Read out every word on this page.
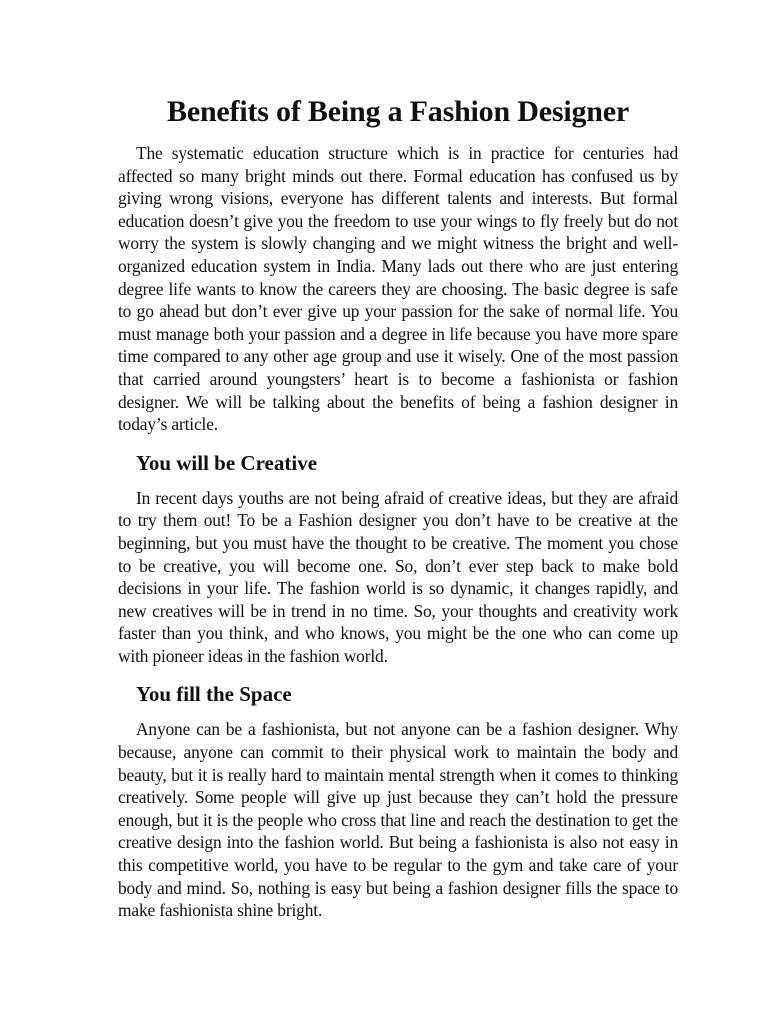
Benefits of Being a Fashion Designer

The systematic education structure which is in practice for centuries had affected so many bright minds out there. Formal education has confused us by giving wrong visions, everyone has different talents and interests. But formal education doesn’t give you the freedom to use your wings to fly freely but do not worry the system is slowly changing and we might witness the bright and well-organized education system in India. Many lads out there who are just entering degree life wants to know the careers they are choosing. The basic degree is safe to go ahead but don’t ever give up your passion for the sake of normal life. You must manage both your passion and a degree in life because you have more spare time compared to any other age group and use it wisely. One of the most passion that carried around youngsters’ heart is to become a fashionista or fashion designer. We will be talking about the benefits of being a fashion designer in today’s article.

You will be Creative

In recent days youths are not being afraid of creative ideas, but they are afraid to try them out! To be a Fashion designer you don’t have to be creative at the beginning, but you must have the thought to be creative. The moment you chose to be creative, you will become one. So, don’t ever step back to make bold decisions in your life. The fashion world is so dynamic, it changes rapidly, and new creatives will be in trend in no time. So, your thoughts and creativity work faster than you think, and who knows, you might be the one who can come up with pioneer ideas in the fashion world.

You fill the Space

Anyone can be a fashionista, but not anyone can be a fashion designer. Why because, anyone can commit to their physical work to maintain the body and beauty, but it is really hard to maintain mental strength when it comes to thinking creatively. Some people will give up just because they can’t hold the pressure enough, but it is the people who cross that line and reach the destination to get the creative design into the fashion world. But being a fashionista is also not easy in this competitive world, you have to be regular to the gym and take care of your body and mind. So, nothing is easy but being a fashion designer fills the space to make fashionista shine bright.
